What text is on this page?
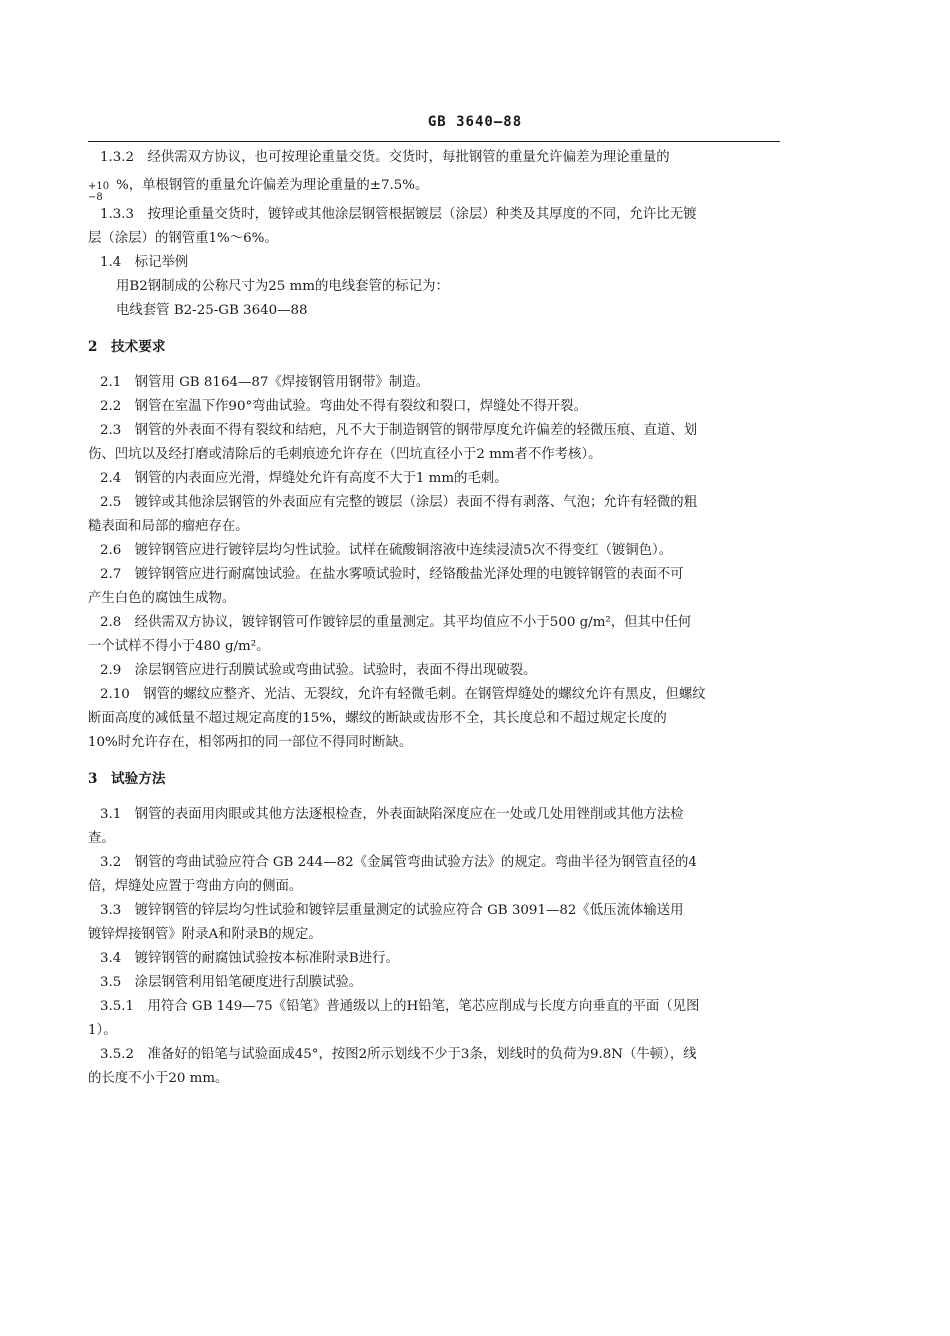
GB 3640—88
+10
−8
1.3.2　经供需双方协议，也可按理论重量交货。交货时，每批钢管的重量允许偏差为理论重量的
%，单根钢管的重量允许偏差为理论重量的±7.5%。
1.3.3　按理论重量交货时，镀锌或其他涂层钢管根据镀层（涂层）种类及其厚度的不同，允许比无镀
层（涂层）的钢管重1%～6%。
1.4　标记举例
用B2钢制成的公称尺寸为25 mm的电线套管的标记为：
电线套管 B2-25-GB 3640—88
2.1　钢管用 GB 8164—87《焊接钢管用钢带》制造。
2.2　钢管在室温下作90°弯曲试验。弯曲处不得有裂纹和裂口，焊缝处不得开裂。
2.3　钢管的外表面不得有裂纹和结疤，凡不大于制造钢管的钢带厚度允许偏差的轻微压痕、直道、划
伤、凹坑以及经打磨或清除后的毛刺痕迹允许存在（凹坑直径小于2 mm者不作考核）。
2.4　钢管的内表面应光滑，焊缝处允许有高度不大于1 mm的毛刺。
2.5　镀锌或其他涂层钢管的外表面应有完整的镀层（涂层）表面不得有剥落、气泡；允许有轻微的粗
糙表面和局部的瘤疤存在。
2.6　镀锌钢管应进行镀锌层均匀性试验。试样在硫酸铜溶液中连续浸渍5次不得变红（镀铜色）。
2.7　镀锌钢管应进行耐腐蚀试验。在盐水雾喷试验时，经铬酸盐光泽处理的电镀锌钢管的表面不可
产生白色的腐蚀生成物。
2.8　经供需双方协议，镀锌钢管可作镀锌层的重量测定。其平均值应不小于500 g/m²，但其中任何
一个试样不得小于480 g/m²。
2.9　涂层钢管应进行刮膜试验或弯曲试验。试验时，表面不得出现破裂。
2.10　钢管的螺纹应整齐、光洁、无裂纹，允许有轻微毛刺。在钢管焊缝处的螺纹允许有黑皮，但螺纹
断面高度的减低量不超过规定高度的15%，螺纹的断缺或齿形不全，其长度总和不超过规定长度的
10%时允许存在，相邻两扣的同一部位不得同时断缺。
3.1　钢管的表面用肉眼或其他方法逐根检查，外表面缺陷深度应在一处或几处用锉削或其他方法检
查。
3.2　钢管的弯曲试验应符合 GB 244—82《金属管弯曲试验方法》的规定。弯曲半径为钢管直径的4
倍，焊缝处应置于弯曲方向的侧面。
3.3　镀锌钢管的锌层均匀性试验和镀锌层重量测定的试验应符合 GB 3091—82《低压流体输送用
镀锌焊接钢管》附录A和附录B的规定。
3.4　镀锌钢管的耐腐蚀试验按本标准附录B进行。
3.5　涂层钢管利用铅笔硬度进行刮膜试验。
3.5.1　用符合 GB 149—75《铅笔》普通级以上的H铅笔，笔芯应削成与长度方向垂直的平面（见图
1）。
3.5.2　准备好的铅笔与试验面成45°，按图2所示划线不少于3条，划线时的负荷为9.8N（牛顿），线
的长度不小于20 mm。
2　技术要求
3　试验方法
